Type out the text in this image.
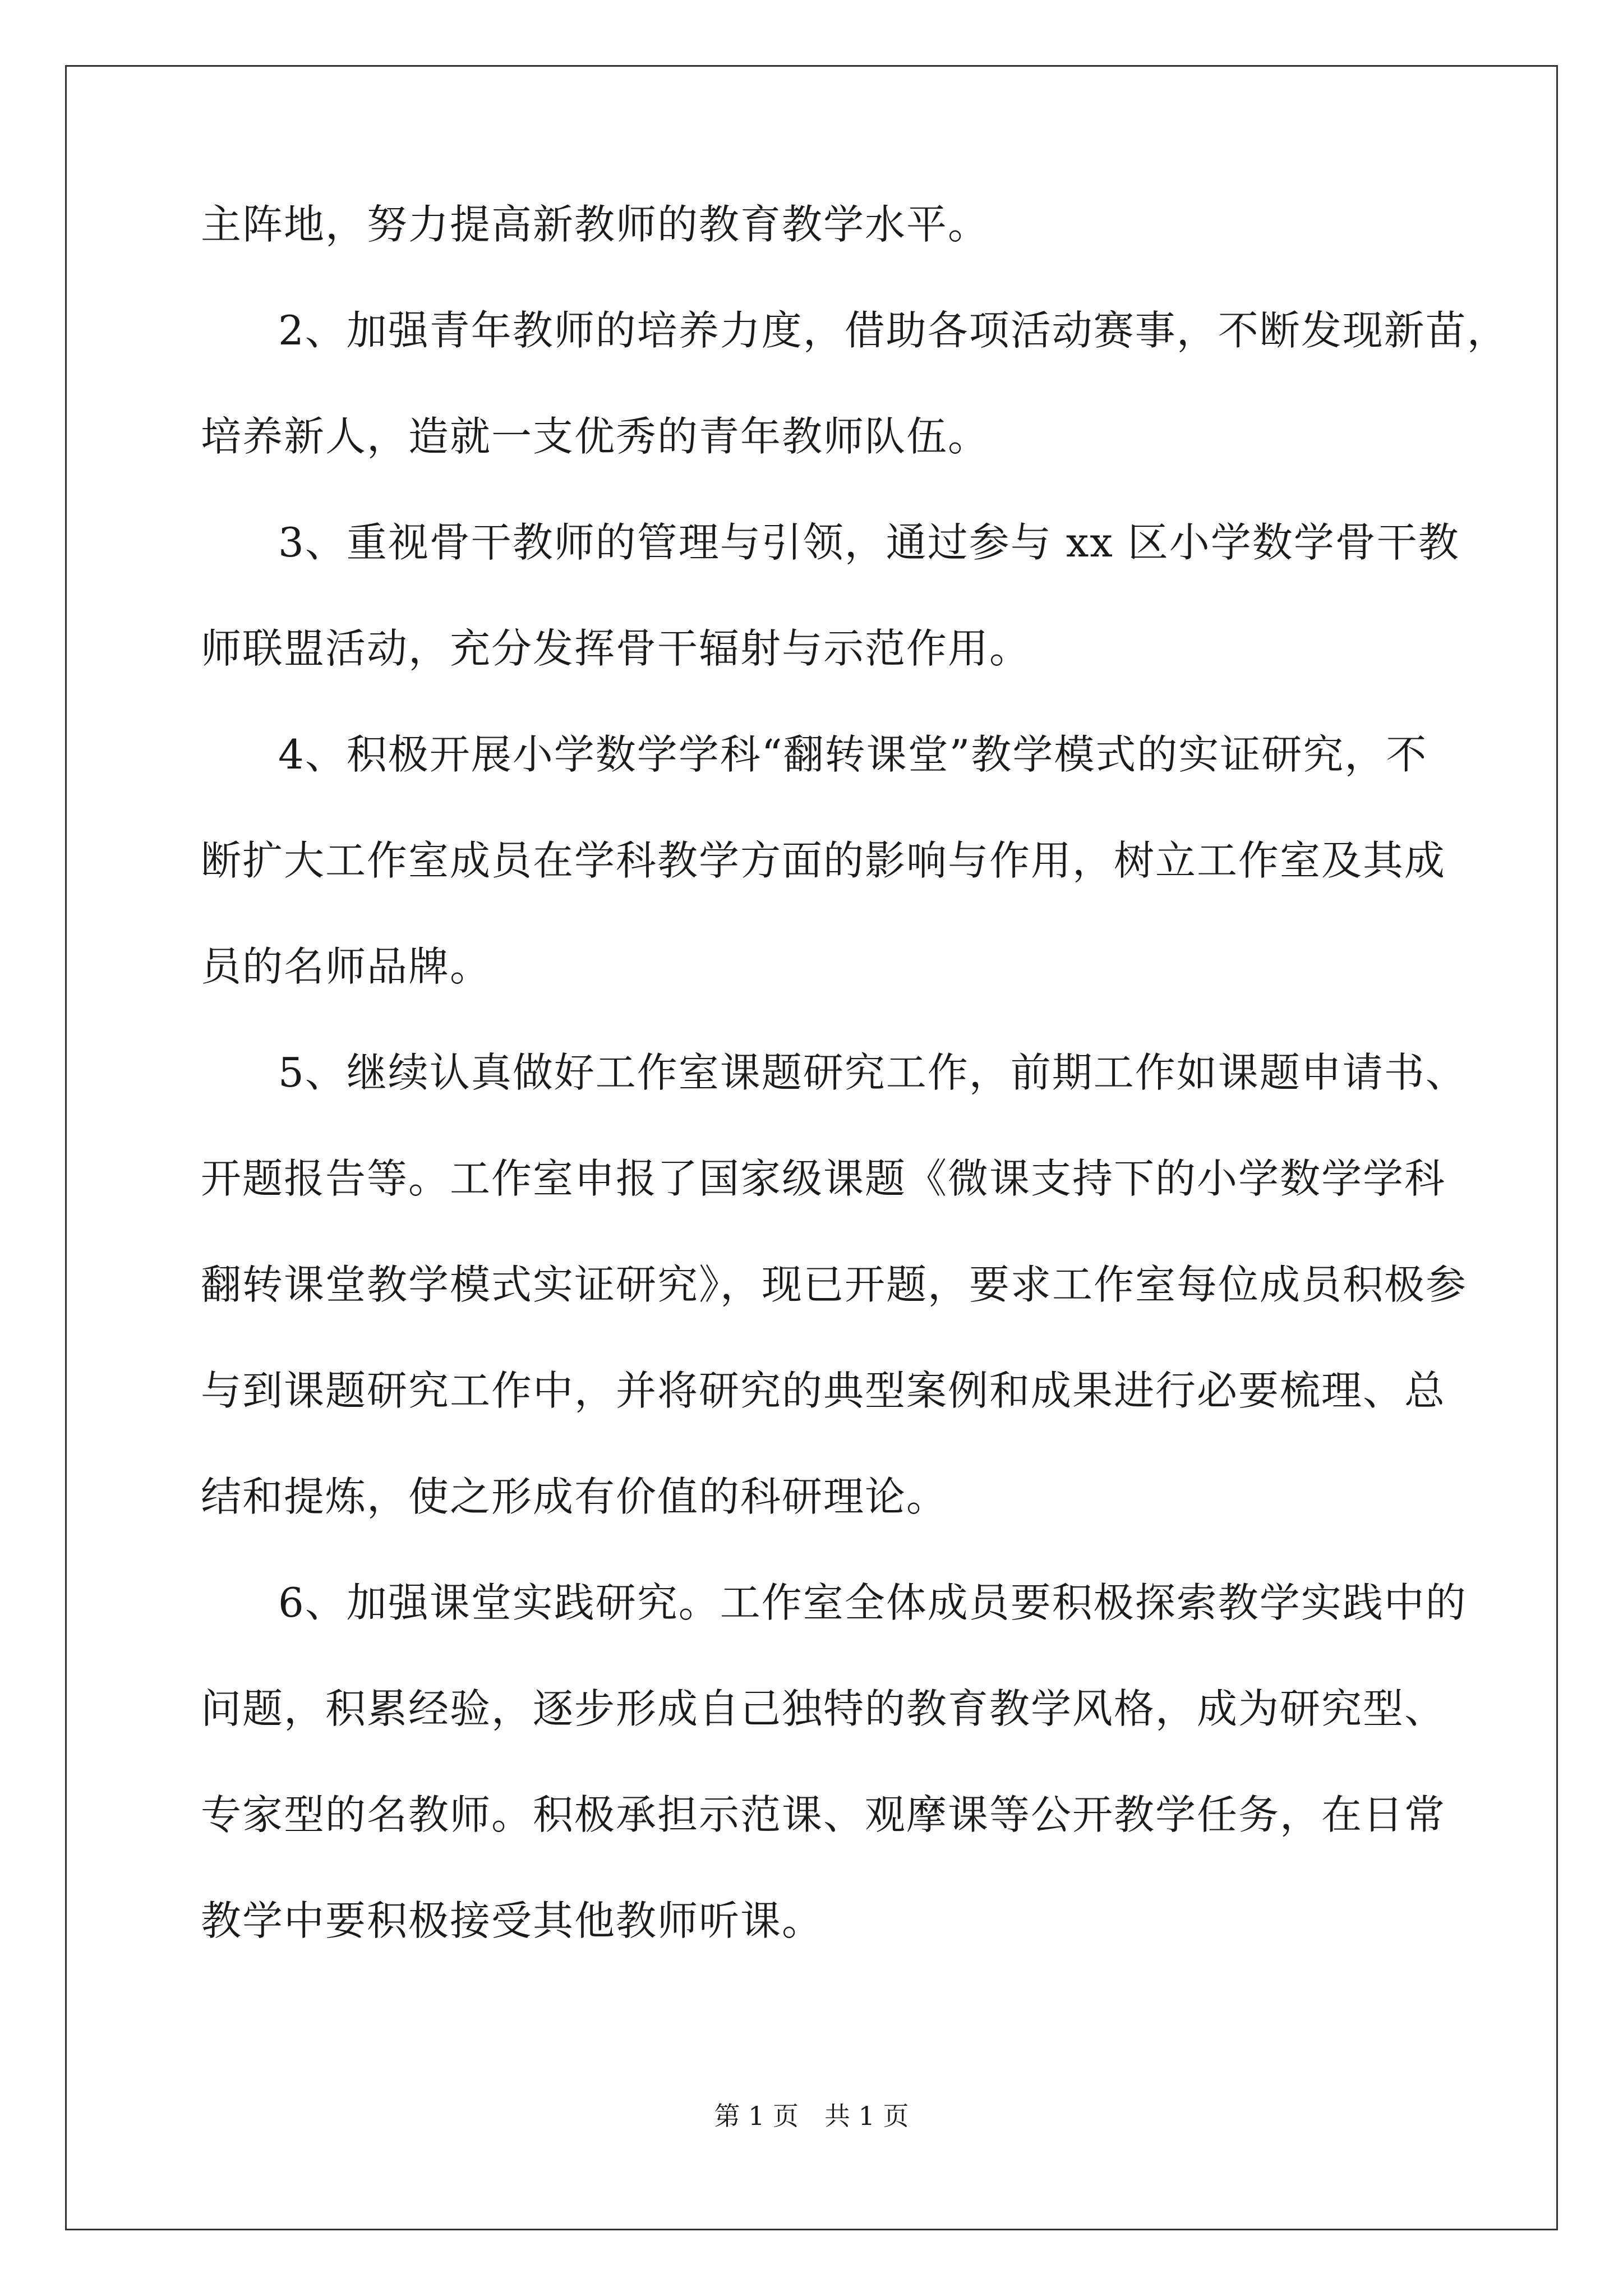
主阵地，努力提高新教师的教育教学水平。
2、加强青年教师的培养力度，借助各项活动赛事，不断发现新苗，
培养新人，造就一支优秀的青年教师队伍。
3、重视骨干教师的管理与引领，通过参与 xx 区小学数学骨干教
师联盟活动，充分发挥骨干辐射与示范作用。
4、积极开展小学数学学科“翻转课堂”教学模式的实证研究，不
断扩大工作室成员在学科教学方面的影响与作用，树立工作室及其成
员的名师品牌。
5、继续认真做好工作室课题研究工作，前期工作如课题申请书、
开题报告等。工作室申报了国家级课题《微课支持下的小学数学学科
翻转课堂教学模式实证研究》，现已开题，要求工作室每位成员积极参
与到课题研究工作中，并将研究的典型案例和成果进行必要梳理、总
结和提炼，使之形成有价值的科研理论。
6、加强课堂实践研究。工作室全体成员要积极探索教学实践中的
问题，积累经验，逐步形成自己独特的教育教学风格，成为研究型、
专家型的名教师。积极承担示范课、观摩课等公开教学任务，在日常
教学中要积极接受其他教师听课。
第 1 页　共 1 页
